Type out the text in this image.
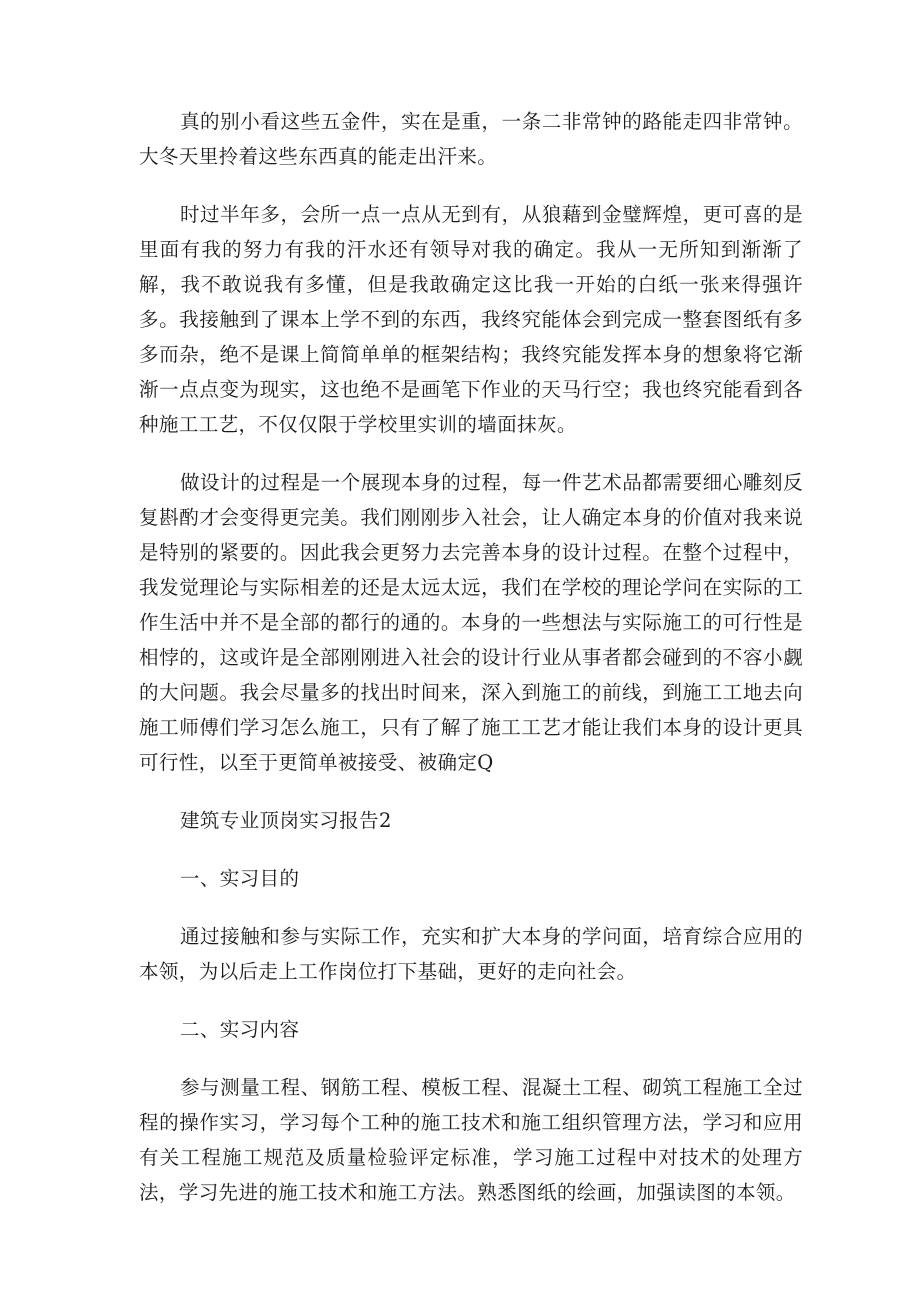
真的别小看这些五金件，实在是重，一条二非常钟的路能走四非常钟。大冬天里拎着这些东西真的能走出汗来。

时过半年多，会所一点一点从无到有，从狼藉到金璧辉煌，更可喜的是里面有我的努力有我的汗水还有领导对我的确定。我从一无所知到渐渐了解，我不敢说我有多懂，但是我敢确定这比我一开始的白纸一张来得强许多。我接触到了课本上学不到的东西，我终究能体会到完成一整套图纸有多多而杂，绝不是课上简简单单的框架结构；我终究能发挥本身的想象将它渐渐一点点变为现实，这也绝不是画笔下作业的天马行空；我也终究能看到各种施工工艺，不仅仅限于学校里实训的墙面抹灰。

做设计的过程是一个展现本身的过程，每一件艺术品都需要细心雕刻反复斟酌才会变得更完美。我们刚刚步入社会，让人确定本身的价值对我来说是特别的紧要的。因此我会更努力去完善本身的设计过程。在整个过程中，我发觉理论与实际相差的还是太远太远，我们在学校的理论学问在实际的工作生活中并不是全部的都行的通的。本身的一些想法与实际施工的可行性是相悖的，这或许是全部刚刚进入社会的设计行业从事者都会碰到的不容小觑的大问题。我会尽量多的找出时间来，深入到施工的前线，到施工工地去向施工师傅们学习怎么施工，只有了解了施工工艺才能让我们本身的设计更具可行性，以至于更简单被接受、被确定Q

建筑专业顶岗实习报告2

一、实习目的

通过接触和参与实际工作，充实和扩大本身的学问面，培育综合应用的本领，为以后走上工作岗位打下基础，更好的走向社会。

二、实习内容

参与测量工程、钢筋工程、模板工程、混凝土工程、砌筑工程施工全过程的操作实习，学习每个工种的施工技术和施工组织管理方法，学习和应用有关工程施工规范及质量检验评定标准，学习施工过程中对技术的处理方法，学习先进的施工技术和施工方法。熟悉图纸的绘画，加强读图的本领。
